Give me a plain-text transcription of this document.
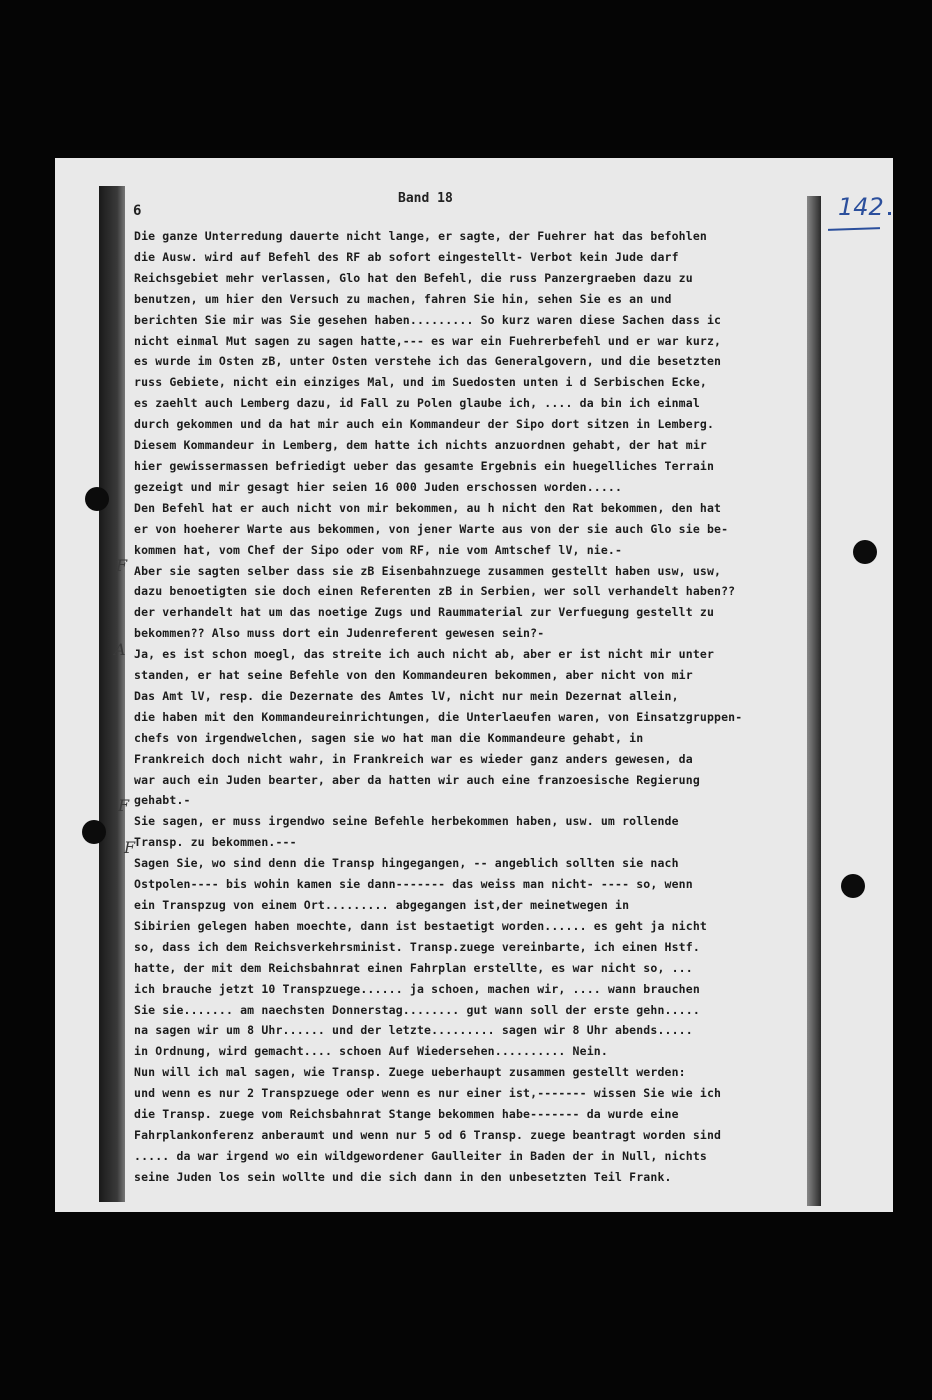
6
Band 18	142
F
A
F
F
Die ganze Unterredung dauerte nicht lange, er sagte, der Fuehrer hat das befohlen
die Ausw. wird auf Befehl des RF ab sofort eingestellt- Verbot kein Jude darf
Reichsgebiet mehr verlassen, Glo hat den Befehl, die russ Panzergraeben dazu zu
benutzen, um hier den Versuch zu machen, fahren Sie hin, sehen Sie es an und
berichten Sie mir was Sie gesehen haben......... So kurz waren diese Sachen dass ic
nicht einmal Mut sagen zu sagen hatte,--- es war ein Fuehrerbefehl und er war kurz,
es wurde im Osten zB, unter Osten verstehe ich das Generalgovern, und die besetzten
russ Gebiete, nicht ein einziges Mal, und im Suedosten unten i d Serbischen Ecke,
es zaehlt auch Lemberg dazu, id Fall zu Polen glaube ich, .... da bin ich einmal
durch gekommen und da hat mir auch ein Kommandeur der Sipo dort sitzen in Lemberg.
Diesem Kommandeur in Lemberg, dem hatte ich nichts anzuordnen gehabt, der hat mir
hier gewissermassen befriedigt ueber das gesamte Ergebnis ein huegelliches Terrain
gezeigt und mir gesagt hier seien 16 000 Juden erschossen worden.....
Den Befehl hat er auch nicht von mir bekommen, au h nicht den Rat bekommen, den hat
er von hoeherer Warte aus bekommen, von jener Warte aus von der sie auch Glo sie be-
kommen hat, vom Chef der Sipo oder vom RF, nie vom Amtschef lV, nie.-
Aber sie sagten selber dass sie zB Eisenbahnzuege zusammen gestellt haben usw, usw,
dazu benoetigten sie doch einen Referenten zB in Serbien, wer soll verhandelt haben??
der verhandelt hat um das noetige Zugs und Raummaterial zur Verfuegung gestellt zu
bekommen?? Also muss dort ein Judenreferent gewesen sein?-
Ja, es ist schon moegl, das streite ich auch nicht ab, aber er ist nicht mir unter
standen, er hat seine Befehle von den Kommandeuren bekommen, aber nicht von mir
Das Amt lV, resp. die Dezernate des Amtes lV, nicht nur mein Dezernat allein,
die haben mit den Kommandeureinrichtungen, die Unterlaeufen waren, von Einsatzgruppen-
chefs von irgendwelchen, sagen sie wo hat man die Kommandeure gehabt, in
Frankreich doch nicht wahr, in Frankreich war es wieder ganz anders gewesen, da
war auch ein Juden bearter, aber da hatten wir auch eine franzoesische Regierung
gehabt.-
Sie sagen, er muss irgendwo seine Befehle herbekommen haben, usw. um rollende
Transp. zu bekommen.---
Sagen Sie, wo sind denn die Transp hingegangen, -- angeblich sollten sie nach
Ostpolen---- bis wohin kamen sie dann------- das weiss man nicht- ---- so, wenn
ein Transpzug von einem Ort......... abgegangen ist,der meinetwegen in
Sibirien gelegen haben moechte, dann ist bestaetigt worden...... es geht ja nicht
so, dass ich dem Reichsverkehrsminist. Transp.zuege vereinbarte, ich einen Hstf.
hatte, der mit dem Reichsbahnrat einen Fahrplan erstellte, es war nicht so, ...
ich brauche jetzt 10 Transpzuege...... ja schoen, machen wir, .... wann brauchen
Sie sie....... am naechsten Donnerstag........ gut wann soll der erste gehn.....
na sagen wir um 8 Uhr...... und der letzte......... sagen wir 8 Uhr abends.....
in Ordnung, wird gemacht.... schoen Auf Wiedersehen.......... Nein.
Nun will ich mal sagen, wie Transp. Zuege ueberhaupt zusammen gestellt werden:
und wenn es nur 2 Transpzuege oder wenn es nur einer ist,------- wissen Sie wie ich
die Transp. zuege vom Reichsbahnrat Stange bekommen habe------- da wurde eine
Fahrplankonferenz anberaumt und wenn nur 5 od 6 Transp. zuege beantragt worden sind
..... da war irgend wo ein wildgewordener Gaulleiter in Baden der in Null, nichts
seine Juden los sein wollte und die sich dann in den unbesetzten Teil Frank.
